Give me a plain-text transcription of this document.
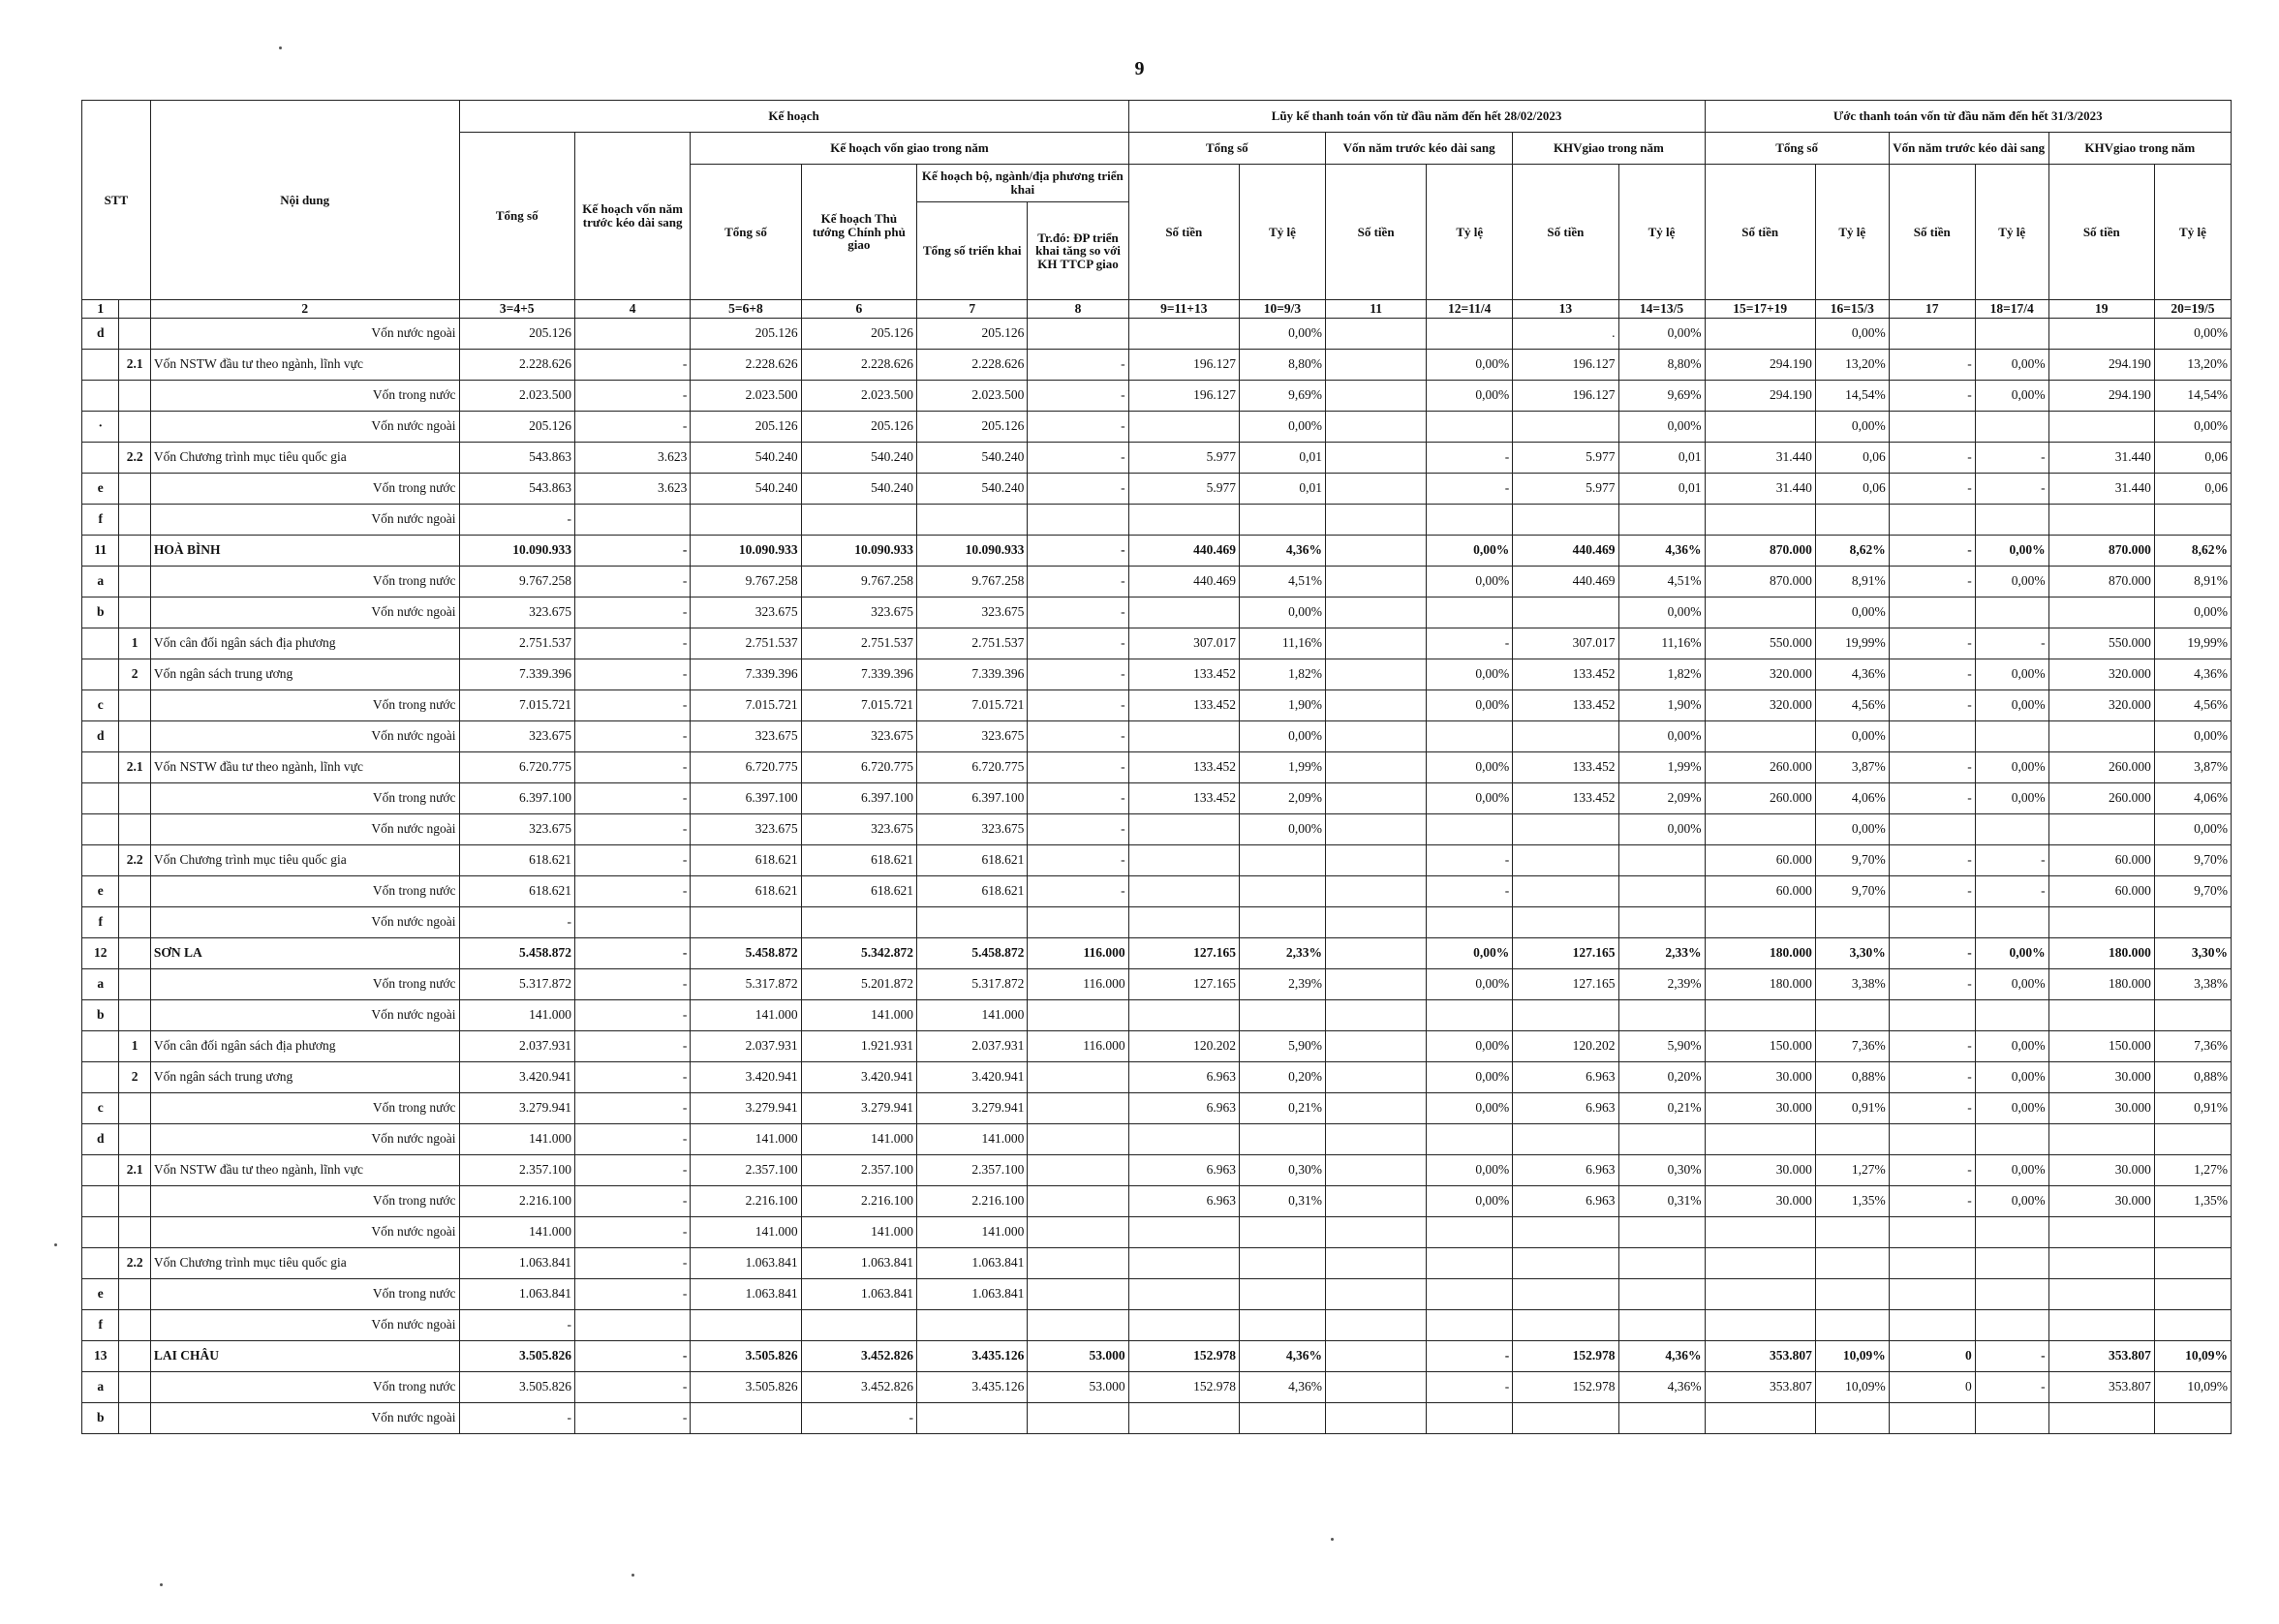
9
STT		Nội dung	Kế hoạch						Lũy kế thanh toán vốn từ đầu năm đến hết 28/02/2023						Ước thanh toán vốn từ đầu năm đến hết 31/3/2023					
			Tổng số	Kế hoạch vốn năm trước kéo dài sang	Kế hoạch vốn giao trong năm				Tổng số		Vốn năm trước kéo dài sang		KHVgiao trong năm		Tổng số		Vốn năm trước kéo dài sang		KHVgiao trong năm	
					Tổng số	Kế hoạch Thủ tướng Chính phủ giao	Kế hoạch bộ, ngành/địa phương triển khai		Số tiền	Tỷ lệ	Số tiền	Tỷ lệ	Số tiền	Tỷ lệ	Số tiền	Tỷ lệ	Số tiền	Tỷ lệ	Số tiền	Tỷ lệ
							Tổng số triển khai	Tr.đó: ĐP triển khai tăng so với KH TTCP giao												
1		2	3=4+5	4	5=6+8	6	7	8	9=11+13	10=9/3	11	12=11/4	13	14=13/5	15=17+19	16=15/3	17	18=17/4	19	20=19/5
d		Vốn nước ngoài	205.126		205.126	205.126	205.126			0,00%			.	0,00%		0,00%				0,00%
	2.1	Vốn NSTW đầu tư theo ngành, lĩnh vực	2.228.626	-	2.228.626	2.228.626	2.228.626	-	196.127	8,80%		0,00%	196.127	8,80%	294.190	13,20%	-	0,00%	294.190	13,20%
		Vốn trong nước	2.023.500	-	2.023.500	2.023.500	2.023.500	-	196.127	9,69%		0,00%	196.127	9,69%	294.190	14,54%	-	0,00%	294.190	14,54%
·		Vốn nước ngoài	205.126	-	205.126	205.126	205.126	-		0,00%				0,00%		0,00%				0,00%
	2.2	Vốn Chương trình mục tiêu quốc gia	543.863	3.623	540.240	540.240	540.240	-	5.977	0,01		-	5.977	0,01	31.440	0,06	-	-	31.440	0,06
e		Vốn trong nước	543.863	3.623	540.240	540.240	540.240	-	5.977	0,01		-	5.977	0,01	31.440	0,06	-	-	31.440	0,06
f		Vốn nước ngoài	-																	
11		HOÀ BÌNH	10.090.933	-	10.090.933	10.090.933	10.090.933	-	440.469	4,36%		0,00%	440.469	4,36%	870.000	8,62%	-	0,00%	870.000	8,62%
a		Vốn trong nước	9.767.258	-	9.767.258	9.767.258	9.767.258	-	440.469	4,51%		0,00%	440.469	4,51%	870.000	8,91%	-	0,00%	870.000	8,91%
b		Vốn nước ngoài	323.675	-	323.675	323.675	323.675	-		0,00%				0,00%		0,00%				0,00%
	1	Vốn cân đối ngân sách địa phương	2.751.537	-	2.751.537	2.751.537	2.751.537	-	307.017	11,16%		-	307.017	11,16%	550.000	19,99%	-	-	550.000	19,99%
	2	Vốn ngân sách trung ương	7.339.396	-	7.339.396	7.339.396	7.339.396	-	133.452	1,82%		0,00%	133.452	1,82%	320.000	4,36%	-	0,00%	320.000	4,36%
c		Vốn trong nước	7.015.721	-	7.015.721	7.015.721	7.015.721	-	133.452	1,90%		0,00%	133.452	1,90%	320.000	4,56%	-	0,00%	320.000	4,56%
d		Vốn nước ngoài	323.675	-	323.675	323.675	323.675	-		0,00%				0,00%		0,00%				0,00%
	2.1	Vốn NSTW đầu tư theo ngành, lĩnh vực	6.720.775	-	6.720.775	6.720.775	6.720.775	-	133.452	1,99%		0,00%	133.452	1,99%	260.000	3,87%	-	0,00%	260.000	3,87%
		Vốn trong nước	6.397.100	-	6.397.100	6.397.100	6.397.100	-	133.452	2,09%		0,00%	133.452	2,09%	260.000	4,06%	-	0,00%	260.000	4,06%
		Vốn nước ngoài	323.675	-	323.675	323.675	323.675	-		0,00%				0,00%		0,00%				0,00%
	2.2	Vốn Chương trình mục tiêu quốc gia	618.621	-	618.621	618.621	618.621	-				-			60.000	9,70%	-	-	60.000	9,70%
e		Vốn trong nước	618.621	-	618.621	618.621	618.621	-				-			60.000	9,70%	-	-	60.000	9,70%
f		Vốn nước ngoài	-																	
12		SƠN LA	5.458.872	-	5.458.872	5.342.872	5.458.872	116.000	127.165	2,33%		0,00%	127.165	2,33%	180.000	3,30%	-	0,00%	180.000	3,30%
a		Vốn trong nước	5.317.872	-	5.317.872	5.201.872	5.317.872	116.000	127.165	2,39%		0,00%	127.165	2,39%	180.000	3,38%	-	0,00%	180.000	3,38%
b		Vốn nước ngoài	141.000	-	141.000	141.000	141.000													
	1	Vốn cân đối ngân sách địa phương	2.037.931	-	2.037.931	1.921.931	2.037.931	116.000	120.202	5,90%		0,00%	120.202	5,90%	150.000	7,36%	-	0,00%	150.000	7,36%
	2	Vốn ngân sách trung ương	3.420.941	-	3.420.941	3.420.941	3.420.941		6.963	0,20%		0,00%	6.963	0,20%	30.000	0,88%	-	0,00%	30.000	0,88%
c		Vốn trong nước	3.279.941	-	3.279.941	3.279.941	3.279.941		6.963	0,21%		0,00%	6.963	0,21%	30.000	0,91%	-	0,00%	30.000	0,91%
d		Vốn nước ngoài	141.000	-	141.000	141.000	141.000													
	2.1	Vốn NSTW đầu tư theo ngành, lĩnh vực	2.357.100	-	2.357.100	2.357.100	2.357.100		6.963	0,30%		0,00%	6.963	0,30%	30.000	1,27%	-	0,00%	30.000	1,27%
		Vốn trong nước	2.216.100	-	2.216.100	2.216.100	2.216.100		6.963	0,31%		0,00%	6.963	0,31%	30.000	1,35%	-	0,00%	30.000	1,35%
		Vốn nước ngoài	141.000	-	141.000	141.000	141.000													
	2.2	Vốn Chương trình mục tiêu quốc gia	1.063.841	-	1.063.841	1.063.841	1.063.841													
e		Vốn trong nước	1.063.841	-	1.063.841	1.063.841	1.063.841													
f		Vốn nước ngoài	-																	
13		LAI CHÂU	3.505.826	-	3.505.826	3.452.826	3.435.126	53.000	152.978	4,36%		-	152.978	4,36%	353.807	10,09%	0	-	353.807	10,09%
a		Vốn trong nước	3.505.826	-	3.505.826	3.452.826	3.435.126	53.000	152.978	4,36%		-	152.978	4,36%	353.807	10,09%	0	-	353.807	10,09%
b		Vốn nước ngoài	-	-		-														
